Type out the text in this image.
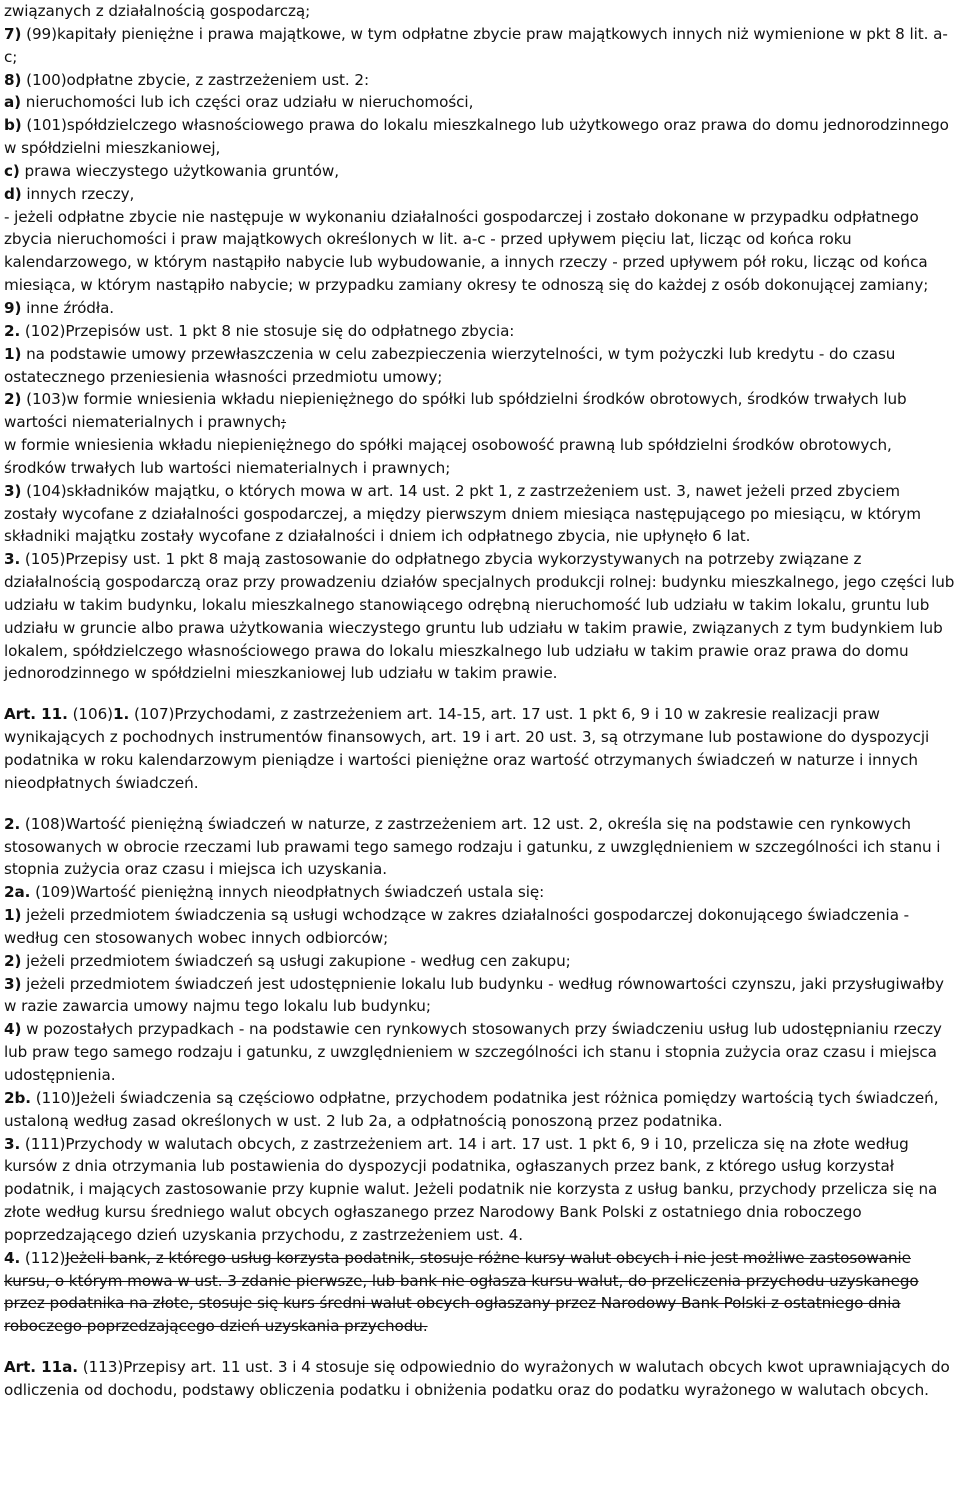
związanych z działalnością gospodarczą;

7) (99)kapitały pieniężne i prawa majątkowe, w tym odpłatne zbycie praw majątkowych innych niż wymienione w pkt 8 lit. a-c;

8) (100)odpłatne zbycie, z zastrzeżeniem ust. 2:

a) nieruchomości lub ich części oraz udziału w nieruchomości,

b) (101)spółdzielczego własnościowego prawa do lokalu mieszkalnego lub użytkowego oraz prawa do domu jednorodzinnego w spółdzielni mieszkaniowej,

c) prawa wieczystego użytkowania gruntów,

d) innych rzeczy,

- jeżeli odpłatne zbycie nie następuje w wykonaniu działalności gospodarczej i zostało dokonane w przypadku odpłatnego zbycia nieruchomości i praw majątkowych określonych w lit. a-c - przed upływem pięciu lat, licząc od końca roku kalendarzowego, w którym nastąpiło nabycie lub wybudowanie, a innych rzeczy - przed upływem pół roku, licząc od końca miesiąca, w którym nastąpiło nabycie; w przypadku zamiany okresy te odnoszą się do każdej z osób dokonującej zamiany;

9) inne źródła.

2. (102)Przepisów ust. 1 pkt 8 nie stosuje się do odpłatnego zbycia:

1) na podstawie umowy przewłaszczenia w celu zabezpieczenia wierzytelności, w tym pożyczki lub kredytu - do czasu ostatecznego przeniesienia własności przedmiotu umowy;

2) (103)w formie wniesienia wkładu niepieniężnego do spółki lub spółdzielni środków obrotowych, środków trwałych lub wartości niematerialnych i prawnych;

w formie wniesienia wkładu niepieniężnego do spółki mającej osobowość prawną lub spółdzielni środków obrotowych, środków trwałych lub wartości niematerialnych i prawnych;

3) (104)składników majątku, o których mowa w art. 14 ust. 2 pkt 1, z zastrzeżeniem ust. 3, nawet jeżeli przed zbyciem zostały wycofane z działalności gospodarczej, a między pierwszym dniem miesiąca następującego po miesiącu, w którym składniki majątku zostały wycofane z działalności i dniem ich odpłatnego zbycia, nie upłynęło 6 lat.

3. (105)Przepisy ust. 1 pkt 8 mają zastosowanie do odpłatnego zbycia wykorzystywanych na potrzeby związane z działalnością gospodarczą oraz przy prowadzeniu działów specjalnych produkcji rolnej: budynku mieszkalnego, jego części lub udziału w takim budynku, lokalu mieszkalnego stanowiącego odrębną nieruchomość lub udziału w takim lokalu, gruntu lub udziału w gruncie albo prawa użytkowania wieczystego gruntu lub udziału w takim prawie, związanych z tym budynkiem lub lokalem, spółdzielczego własnościowego prawa do lokalu mieszkalnego lub udziału w takim prawie oraz prawa do domu jednorodzinnego w spółdzielni mieszkaniowej lub udziału w takim prawie.

Art. 11. (106)1. (107)Przychodami, z zastrzeżeniem art. 14-15, art. 17 ust. 1 pkt 6, 9 i 10 w zakresie realizacji praw wynikających z pochodnych instrumentów finansowych, art. 19 i art. 20 ust. 3, są otrzymane lub postawione do dyspozycji podatnika w roku kalendarzowym pieniądze i wartości pieniężne oraz wartość otrzymanych świadczeń w naturze i innych nieodpłatnych świadczeń.

2. (108)Wartość pieniężną świadczeń w naturze, z zastrzeżeniem art. 12 ust. 2, określa się na podstawie cen rynkowych stosowanych w obrocie rzeczami lub prawami tego samego rodzaju i gatunku, z uwzględnieniem w szczególności ich stanu i stopnia zużycia oraz czasu i miejsca ich uzyskania.

2a. (109)Wartość pieniężną innych nieodpłatnych świadczeń ustala się:

1) jeżeli przedmiotem świadczenia są usługi wchodzące w zakres działalności gospodarczej dokonującego świadczenia - według cen stosowanych wobec innych odbiorców;

2) jeżeli przedmiotem świadczeń są usługi zakupione - według cen zakupu;

3) jeżeli przedmiotem świadczeń jest udostępnienie lokalu lub budynku - według równowartości czynszu, jaki przysługiwałby w razie zawarcia umowy najmu tego lokalu lub budynku;

4) w pozostałych przypadkach - na podstawie cen rynkowych stosowanych przy świadczeniu usług lub udostępnianiu rzeczy lub praw tego samego rodzaju i gatunku, z uwzględnieniem w szczególności ich stanu i stopnia zużycia oraz czasu i miejsca udostępnienia.

2b. (110)Jeżeli świadczenia są częściowo odpłatne, przychodem podatnika jest różnica pomiędzy wartością tych świadczeń, ustaloną według zasad określonych w ust. 2 lub 2a, a odpłatnością ponoszoną przez podatnika.

3. (111)Przychody w walutach obcych, z zastrzeżeniem art. 14 i art. 17 ust. 1 pkt 6, 9 i 10, przelicza się na złote według kursów z dnia otrzymania lub postawienia do dyspozycji podatnika, ogłaszanych przez bank, z którego usług korzystał podatnik, i mających zastosowanie przy kupnie walut. Jeżeli podatnik nie korzysta z usług banku, przychody przelicza się na złote według kursu średniego walut obcych ogłaszanego przez Narodowy Bank Polski z ostatniego dnia roboczego poprzedzającego dzień uzyskania przychodu, z zastrzeżeniem ust. 4.

4. (112)Jeżeli bank, z którego usług korzysta podatnik, stosuje różne kursy walut obcych i nie jest możliwe zastosowanie kursu, o którym mowa w ust. 3 zdanie pierwsze, lub bank nie ogłasza kursu walut, do przeliczenia przychodu uzyskanego przez podatnika na złote, stosuje się kurs średni walut obcych ogłaszany przez Narodowy Bank Polski z ostatniego dnia roboczego poprzedzającego dzień uzyskania przychodu.

Art. 11a. (113)Przepisy art. 11 ust. 3 i 4 stosuje się odpowiednio do wyrażonych w walutach obcych kwot uprawniających do odliczenia od dochodu, podstawy obliczenia podatku i obniżenia podatku oraz do podatku wyrażonego w walutach obcych.
